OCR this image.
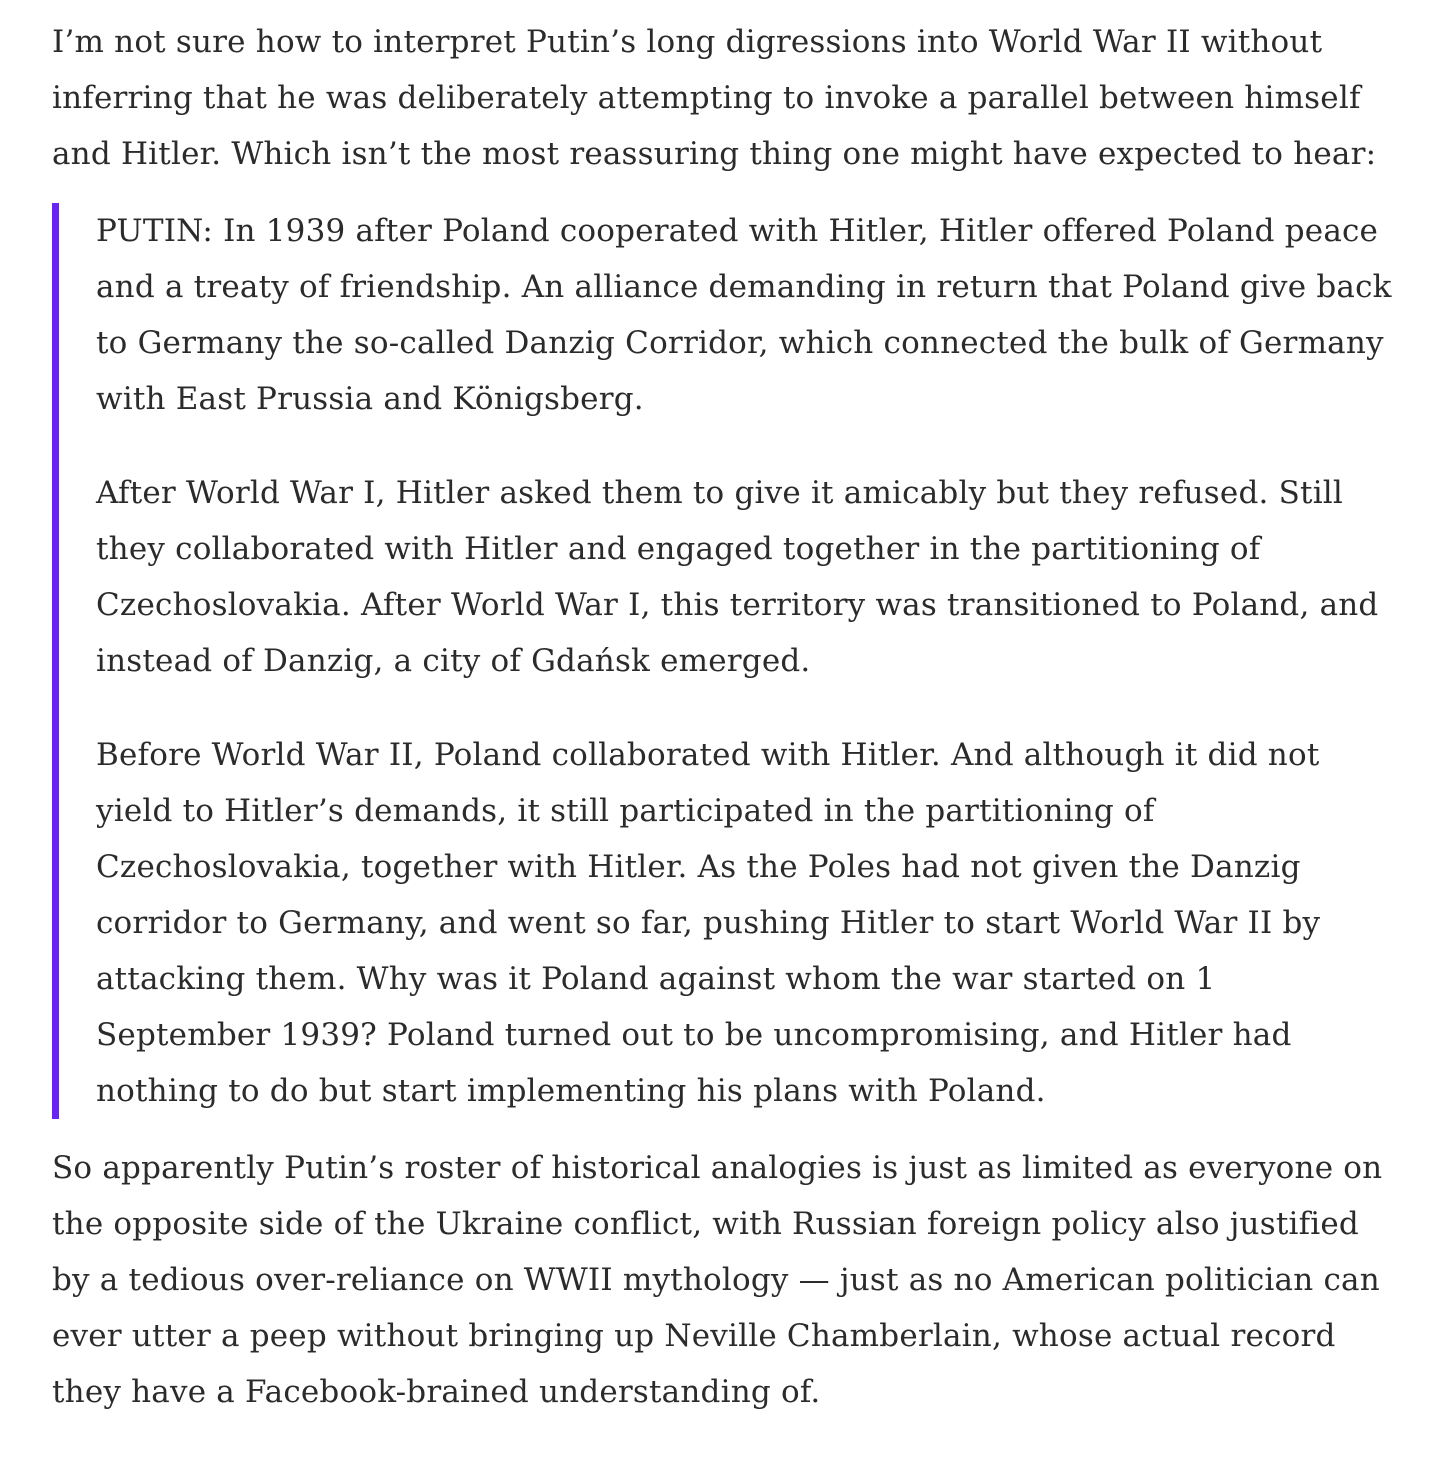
I’m not sure how to interpret Putin’s long digressions into World War II without inferring that he was deliberately attempting to invoke a parallel between himself and Hitler. Which isn’t the most reassuring thing one might have expected to hear:

PUTIN: In 1939 after Poland cooperated with Hitler, Hitler offered Poland peace and a treaty of friendship. An alliance demanding in return that Poland give back to Germany the so-called Danzig Corridor, which connected the bulk of Germany with East Prussia and Königsberg.

After World War I, Hitler asked them to give it amicably but they refused. Still they collaborated with Hitler and engaged together in the partitioning of Czechoslovakia. After World War I, this territory was transitioned to Poland, and instead of Danzig, a city of Gdańsk emerged.

Before World War II, Poland collaborated with Hitler. And although it did not yield to Hitler’s demands, it still participated in the partitioning of Czechoslovakia, together with Hitler. As the Poles had not given the Danzig corridor to Germany, and went so far, pushing Hitler to start World War II by attacking them. Why was it Poland against whom the war started on 1 September 1939? Poland turned out to be uncompromising, and Hitler had nothing to do but start implementing his plans with Poland.

So apparently Putin’s roster of historical analogies is just as limited as everyone on the opposite side of the Ukraine conflict, with Russian foreign policy also justified by a tedious over-reliance on WWII mythology — just as no American politician can ever utter a peep without bringing up Neville Chamberlain, whose actual record they have a Facebook-brained understanding of.
